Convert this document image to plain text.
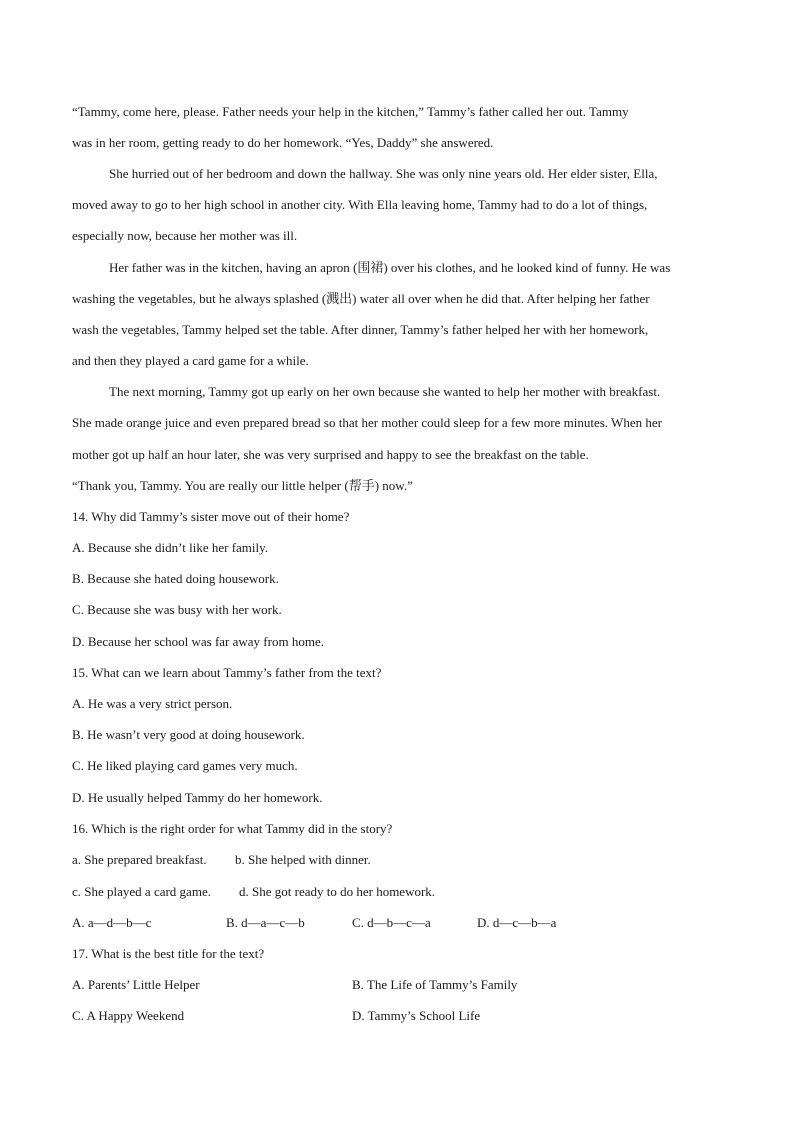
“Tammy, come here, please. Father needs your help in the kitchen,” Tammy’s father called her out. Tammy
was in her room, getting ready to do her homework. “Yes, Daddy” she answered.
She hurried out of her bedroom and down the hallway. She was only nine years old. Her elder sister, Ella,
moved away to go to her high school in another city. With Ella leaving home, Tammy had to do a lot of things,
especially now, because her mother was ill.
Her father was in the kitchen, having an apron (围裙) over his clothes, and he looked kind of funny. He was
washing the vegetables, but he always splashed (溅出) water all over when he did that. After helping her father
wash the vegetables, Tammy helped set the table. After dinner, Tammy’s father helped her with her homework,
and then they played a card game for a while.
The next morning, Tammy got up early on her own because she wanted to help her mother with breakfast.
She made orange juice and even prepared bread so that her mother could sleep for a few more minutes. When her
mother got up half an hour later, she was very surprised and happy to see the breakfast on the table.
“Thank you, Tammy. You are really our little helper (帮手) now.”
14. Why did Tammy’s sister move out of their home?
A. Because she didn’t like her family.
B. Because she hated doing housework.
C. Because she was busy with her work.
D. Because her school was far away from home.
15. What can we learn about Tammy’s father from the text?
A. He was a very strict person.
B. He wasn’t very good at doing housework.
C. He liked playing card games very much.
D. He usually helped Tammy do her homework.
16. Which is the right order for what Tammy did in the story?
a. She prepared breakfast. b. She helped with dinner.
c. She played a card game. d. She got ready to do her homework.
A. a—d—b—c	B. d—a—c—b	C. d—b—c—a	D. d—c—b—a
17. What is the best title for the text?
A. Parents’ Little Helper	B. The Life of Tammy’s Family
C. A Happy Weekend	D. Tammy’s School Life
